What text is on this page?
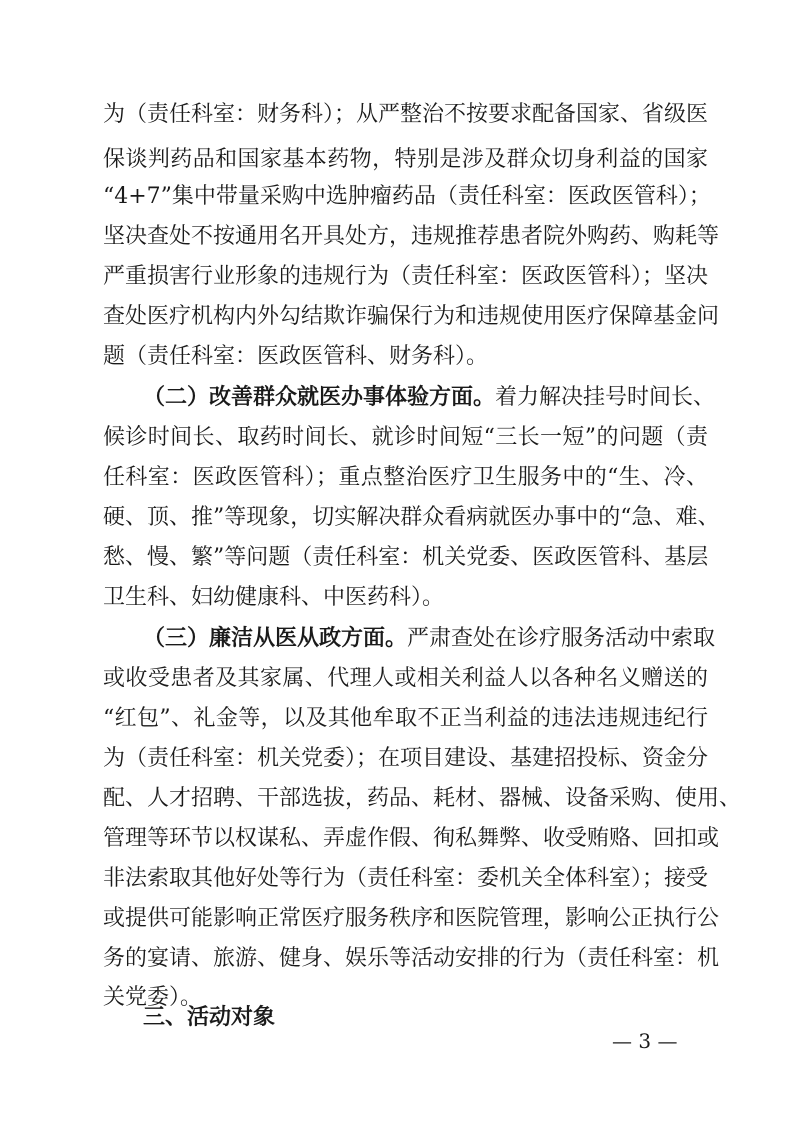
为（责任科室：财务科）；从严整治不按要求配备国家、省级医
保谈判药品和国家基本药物，特别是涉及群众切身利益的国家
“4+7”集中带量采购中选肿瘤药品（责任科室：医政医管科）；
坚决查处不按通用名开具处方，违规推荐患者院外购药、购耗等
严重损害行业形象的违规行为（责任科室：医政医管科）；坚决
查处医疗机构内外勾结欺诈骗保行为和违规使用医疗保障基金问
题（责任科室：医政医管科、财务科）。
（二）改善群众就医办事体验方面。着力解决挂号时间长、
候诊时间长、取药时间长、就诊时间短“三长一短”的问题（责
任科室：医政医管科）；重点整治医疗卫生服务中的“生、冷、
硬、顶、推”等现象，切实解决群众看病就医办事中的“急、难、
愁、慢、繁”等问题（责任科室：机关党委、医政医管科、基层
卫生科、妇幼健康科、中医药科）。
（三）廉洁从医从政方面。严肃查处在诊疗服务活动中索取
或收受患者及其家属、代理人或相关利益人以各种名义赠送的
“红包”、礼金等，以及其他牟取不正当利益的违法违规违纪行
为（责任科室：机关党委）；在项目建设、基建招投标、资金分
配、人才招聘、干部选拔，药品、耗材、器械、设备采购、使用、
管理等环节以权谋私、弄虚作假、徇私舞弊、收受贿赂、回扣或
非法索取其他好处等行为（责任科室：委机关全体科室）；接受
或提供可能影响正常医疗服务秩序和医院管理，影响公正执行公
务的宴请、旅游、健身、娱乐等活动安排的行为（责任科室：机
关党委）。
三、活动对象
— 3 —
